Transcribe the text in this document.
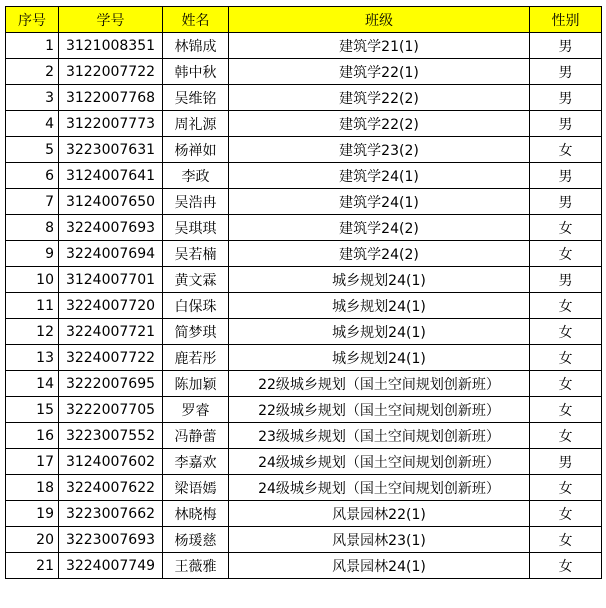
序号	学号	姓名	班级	性别
1	3121008351	林锦成	建筑学21(1)	男
2	3122007722	韩中秋	建筑学22(1)	男
3	3122007768	吴维铭	建筑学22(2)	男
4	3122007773	周礼源	建筑学22(2)	男
5	3223007631	杨禅如	建筑学23(2)	女
6	3124007641	李政	建筑学24(1)	男
7	3124007650	吴浩冉	建筑学24(1)	男
8	3224007693	吴琪琪	建筑学24(2)	女
9	3224007694	吴若楠	建筑学24(2)	女
10	3124007701	黄文霖	城乡规划24(1)	男
11	3224007720	白保珠	城乡规划24(1)	女
12	3224007721	简梦琪	城乡规划24(1)	女
13	3224007722	鹿若彤	城乡规划24(1)	女
14	3222007695	陈加颖	22级城乡规划（国土空间规划创新班）	女
15	3222007705	罗睿	22级城乡规划（国土空间规划创新班）	女
16	3223007552	冯静蕾	23级城乡规划（国土空间规划创新班）	女
17	3124007602	李嘉欢	24级城乡规划（国土空间规划创新班）	男
18	3224007622	梁语嫣	24级城乡规划（国土空间规划创新班）	女
19	3223007662	林晓梅	风景园林22(1)	女
20	3223007693	杨瑗慈	风景园林23(1)	女
21	3224007749	王薇雅	风景园林24(1)	女
